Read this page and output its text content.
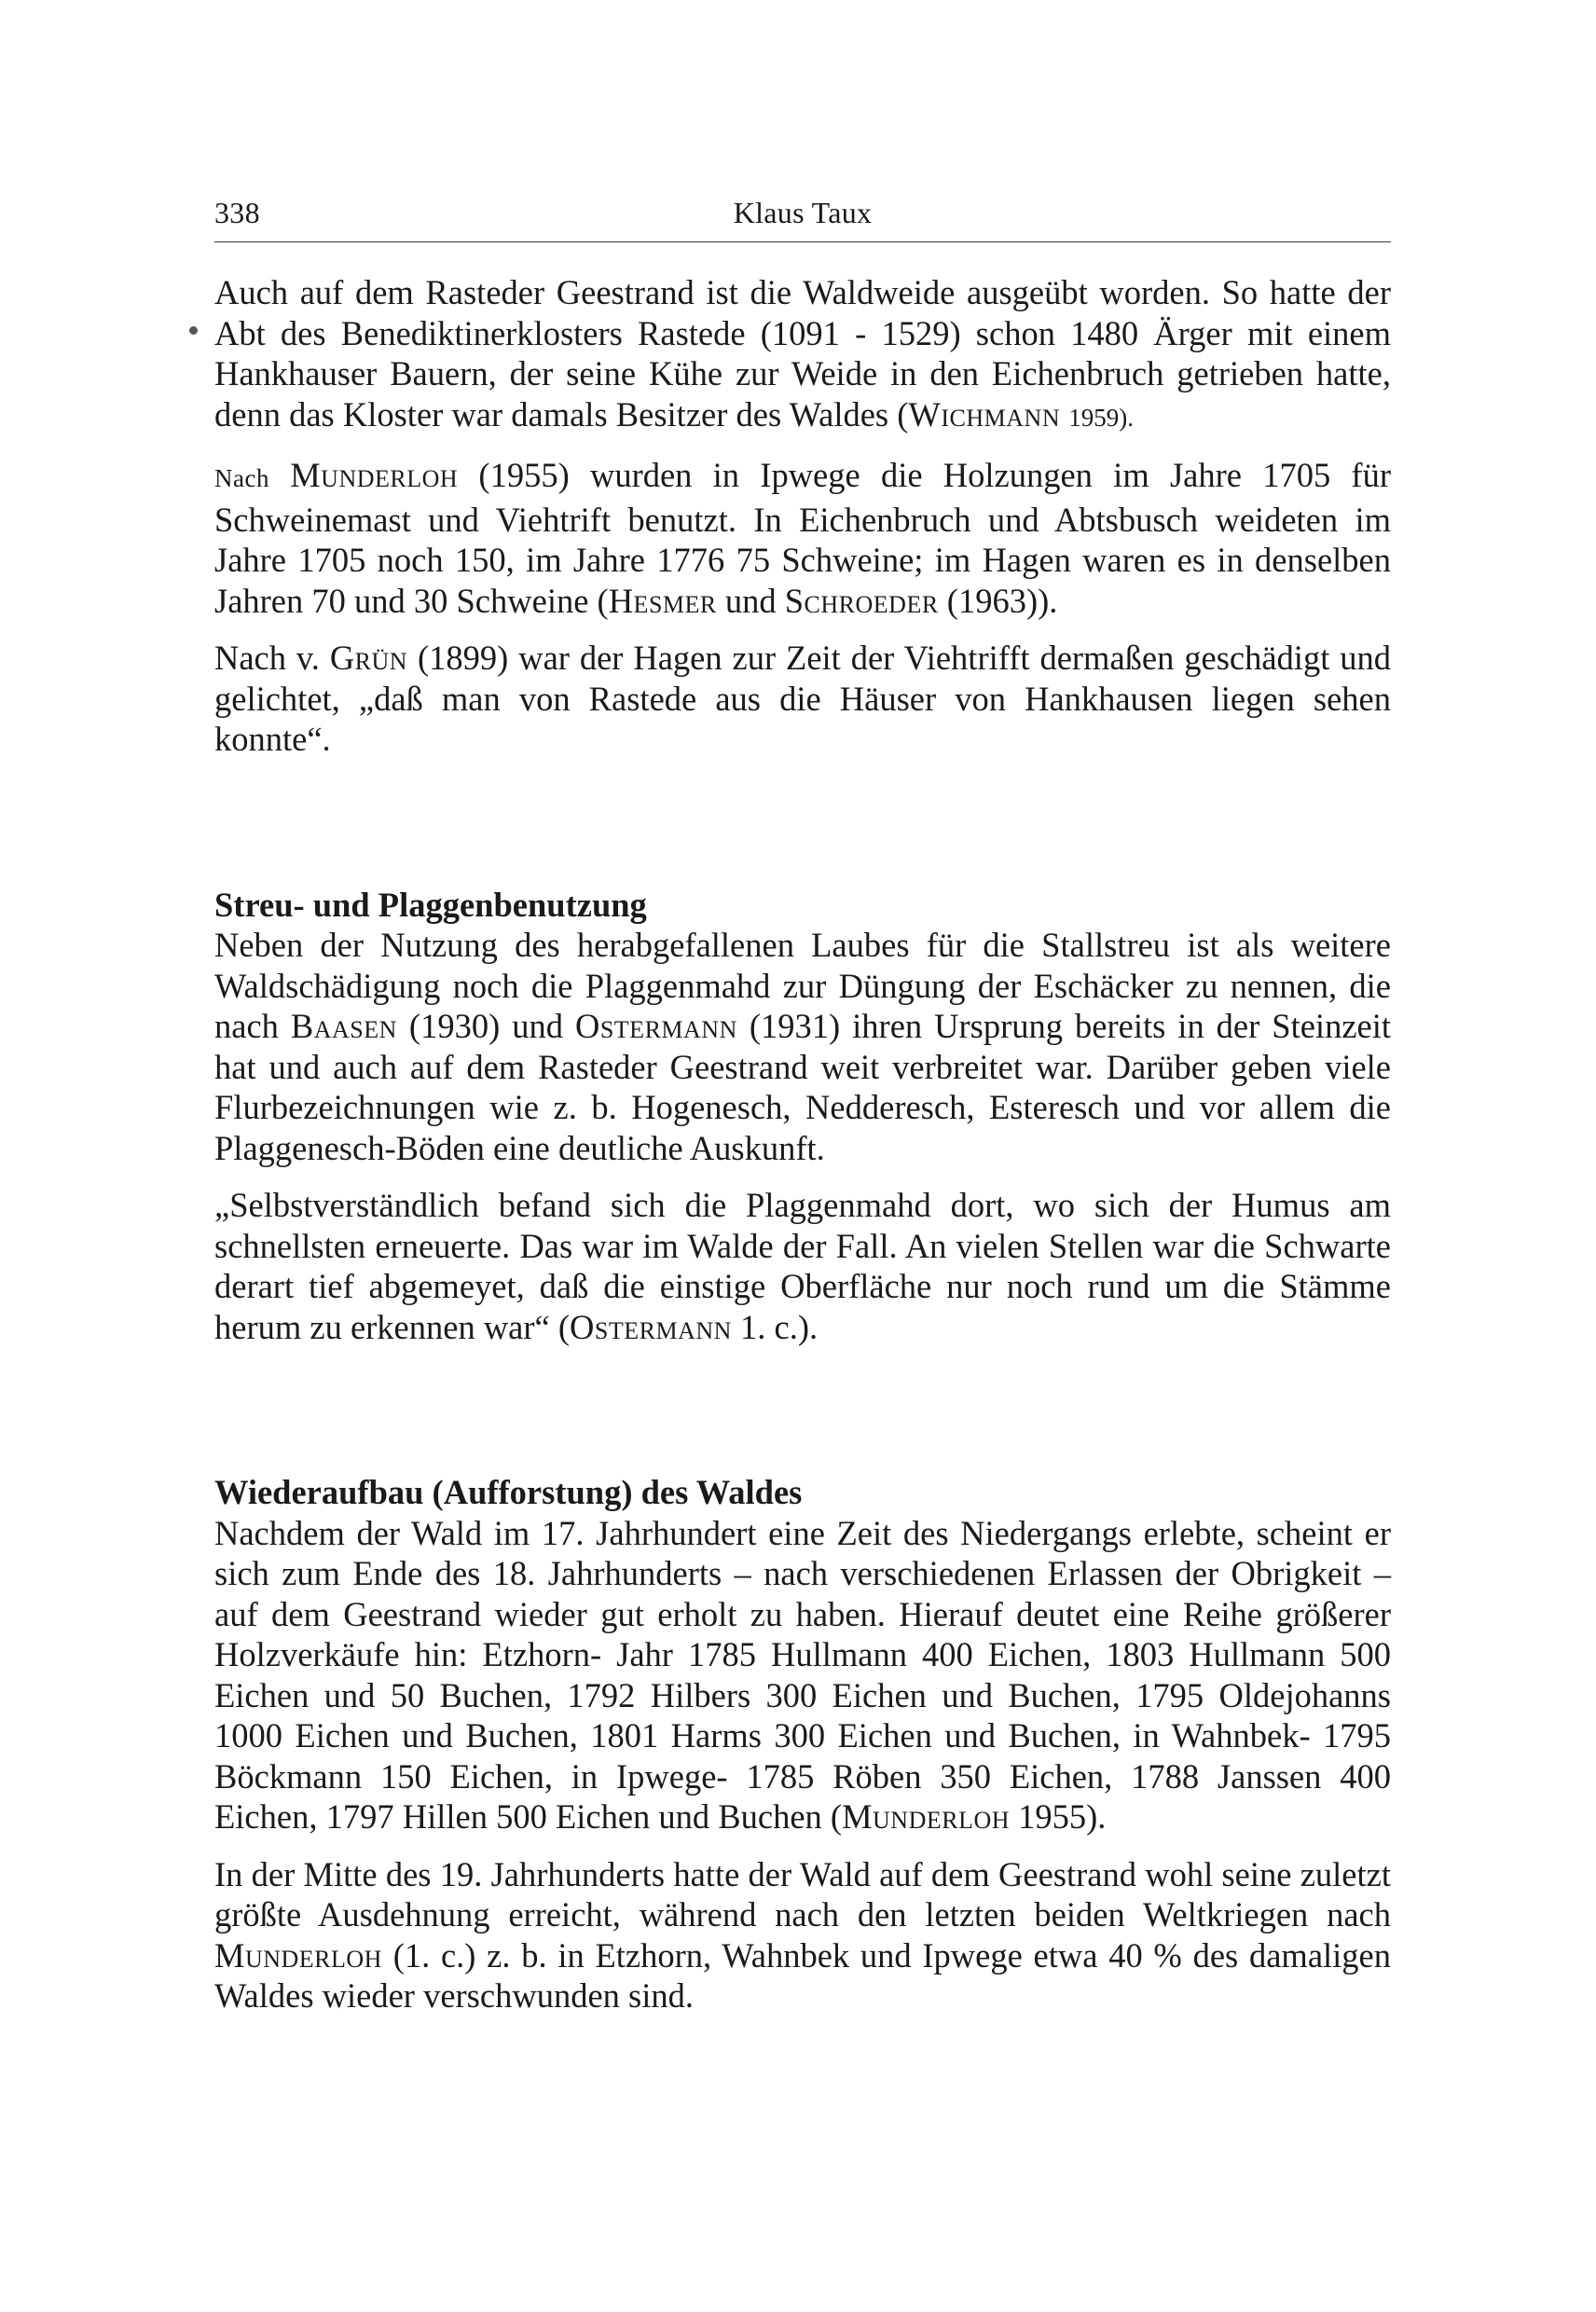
338	Klaus Taux

Auch auf dem Rasteder Geestrand ist die Waldweide ausgeübt worden. So hatte der Abt des Benediktinerklosters Rastede (1091 - 1529) schon 1480 Ärger mit einem Hankhauser Bauern, der seine Kühe zur Weide in den Eichenbruch getrieben hatte, denn das Kloster war damals Besitzer des Waldes (Wichmann 1959).

Nach Munderloh (1955) wurden in Ipwege die Holzungen im Jahre 1705 für Schweinemast und Viehtrift benutzt. In Eichenbruch und Abtsbusch weideten im Jahre 1705 noch 150, im Jahre 1776 75 Schweine; im Hagen waren es in denselben Jahren 70 und 30 Schweine (Hesmer und Schroeder (1963)).

Nach v. Grün (1899) war der Hagen zur Zeit der Viehtrifft dermaßen geschädigt und gelichtet, „daß man von Rastede aus die Häuser von Hankhausen liegen sehen konnte“.

Streu- und Plaggenbenutzung

Neben der Nutzung des herabgefallenen Laubes für die Stallstreu ist als weitere Waldschädigung noch die Plaggenmahd zur Düngung der Eschäcker zu nennen, die nach Baasen (1930) und Ostermann (1931) ihren Ursprung bereits in der Steinzeit hat und auch auf dem Rasteder Geestrand weit verbreitet war. Darüber geben viele Flurbezeichnungen wie z. b. Hogenesch, Nedderesch, Esteresch und vor allem die Plaggenesch-Böden eine deutliche Auskunft.

„Selbstverständlich befand sich die Plaggenmahd dort, wo sich der Humus am schnellsten erneuerte. Das war im Walde der Fall. An vielen Stellen war die Schwarte derart tief abgemeyet, daß die einstige Oberfläche nur noch rund um die Stämme herum zu erkennen war“ (Ostermann 1. c.).

Wiederaufbau (Aufforstung) des Waldes

Nachdem der Wald im 17. Jahrhundert eine Zeit des Niedergangs erlebte, scheint er sich zum Ende des 18. Jahrhunderts – nach verschiedenen Erlassen der Obrigkeit – auf dem Geestrand wieder gut erholt zu haben. Hierauf deutet eine Reihe größerer Holzverkäufe hin: Etzhorn- Jahr 1785 Hullmann 400 Eichen, 1803 Hullmann 500 Eichen und 50 Buchen, 1792 Hilbers 300 Eichen und Buchen, 1795 Oldejohanns 1000 Eichen und Buchen, 1801 Harms 300 Eichen und Buchen, in Wahnbek- 1795 Böckmann 150 Eichen, in Ipwege- 1785 Röben 350 Eichen, 1788 Janssen 400 Eichen, 1797 Hillen 500 Eichen und Buchen (Munderloh 1955).

In der Mitte des 19. Jahrhunderts hatte der Wald auf dem Geestrand wohl seine zuletzt größte Ausdehnung erreicht, während nach den letzten beiden Weltkriegen nach Munderloh (1. c.) z. b. in Etzhorn, Wahnbek und Ipwege etwa 40 % des damaligen Waldes wieder verschwunden sind.
